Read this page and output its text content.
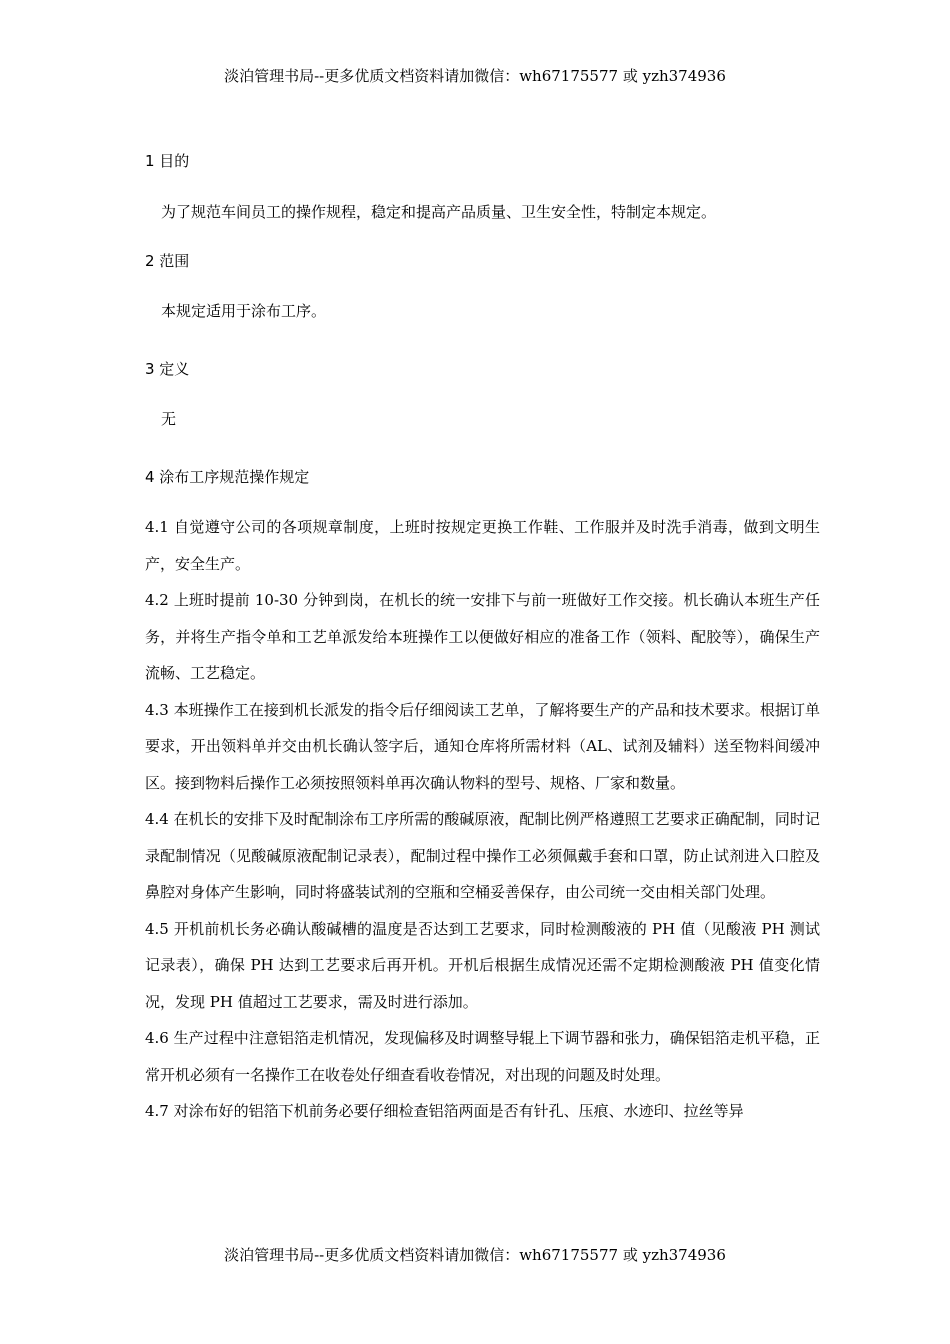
淡泊管理书局--更多优质文档资料请加微信：wh67175577 或 yzh374936
1 目的
为了规范车间员工的操作规程，稳定和提高产品质量、卫生安全性，特制定本规定。
2 范围
本规定适用于涂布工序。
3 定义
无
4 涂布工序规范操作规定

4.1 自觉遵守公司的各项规章制度，上班时按规定更换工作鞋、工作服并及时洗手消毒，做到文明生产，安全生产。

4.2 上班时提前 10-30 分钟到岗，在机长的统一安排下与前一班做好工作交接。机长确认本班生产任务，并将生产指令单和工艺单派发给本班操作工以便做好相应的准备工作（领料、配胶等），确保生产流畅、工艺稳定。

4.3 本班操作工在接到机长派发的指令后仔细阅读工艺单，了解将要生产的产品和技术要求。根据订单要求，开出领料单并交由机长确认签字后，通知仓库将所需材料（AL、试剂及辅料）送至物料间缓冲区。接到物料后操作工必须按照领料单再次确认物料的型号、规格、厂家和数量。

4.4 在机长的安排下及时配制涂布工序所需的酸碱原液，配制比例严格遵照工艺要求正确配制，同时记录配制情况（见酸碱原液配制记录表），配制过程中操作工必须佩戴手套和口罩，防止试剂进入口腔及鼻腔对身体产生影响，同时将盛装试剂的空瓶和空桶妥善保存，由公司统一交由相关部门处理。

4.5 开机前机长务必确认酸碱槽的温度是否达到工艺要求，同时检测酸液的 PH 值（见酸液 PH 测试记录表），确保 PH 达到工艺要求后再开机。开机后根据生成情况还需不定期检测酸液 PH 值变化情况，发现 PH 值超过工艺要求，需及时进行添加。

4.6 生产过程中注意铝箔走机情况，发现偏移及时调整导辊上下调节器和张力，确保铝箔走机平稳，正常开机必须有一名操作工在收卷处仔细查看收卷情况，对出现的问题及时处理。

4.7 对涂布好的铝箔下机前务必要仔细检查铝箔两面是否有针孔、压痕、水迹印、拉丝等异

淡泊管理书局--更多优质文档资料请加微信：wh67175577 或 yzh374936
